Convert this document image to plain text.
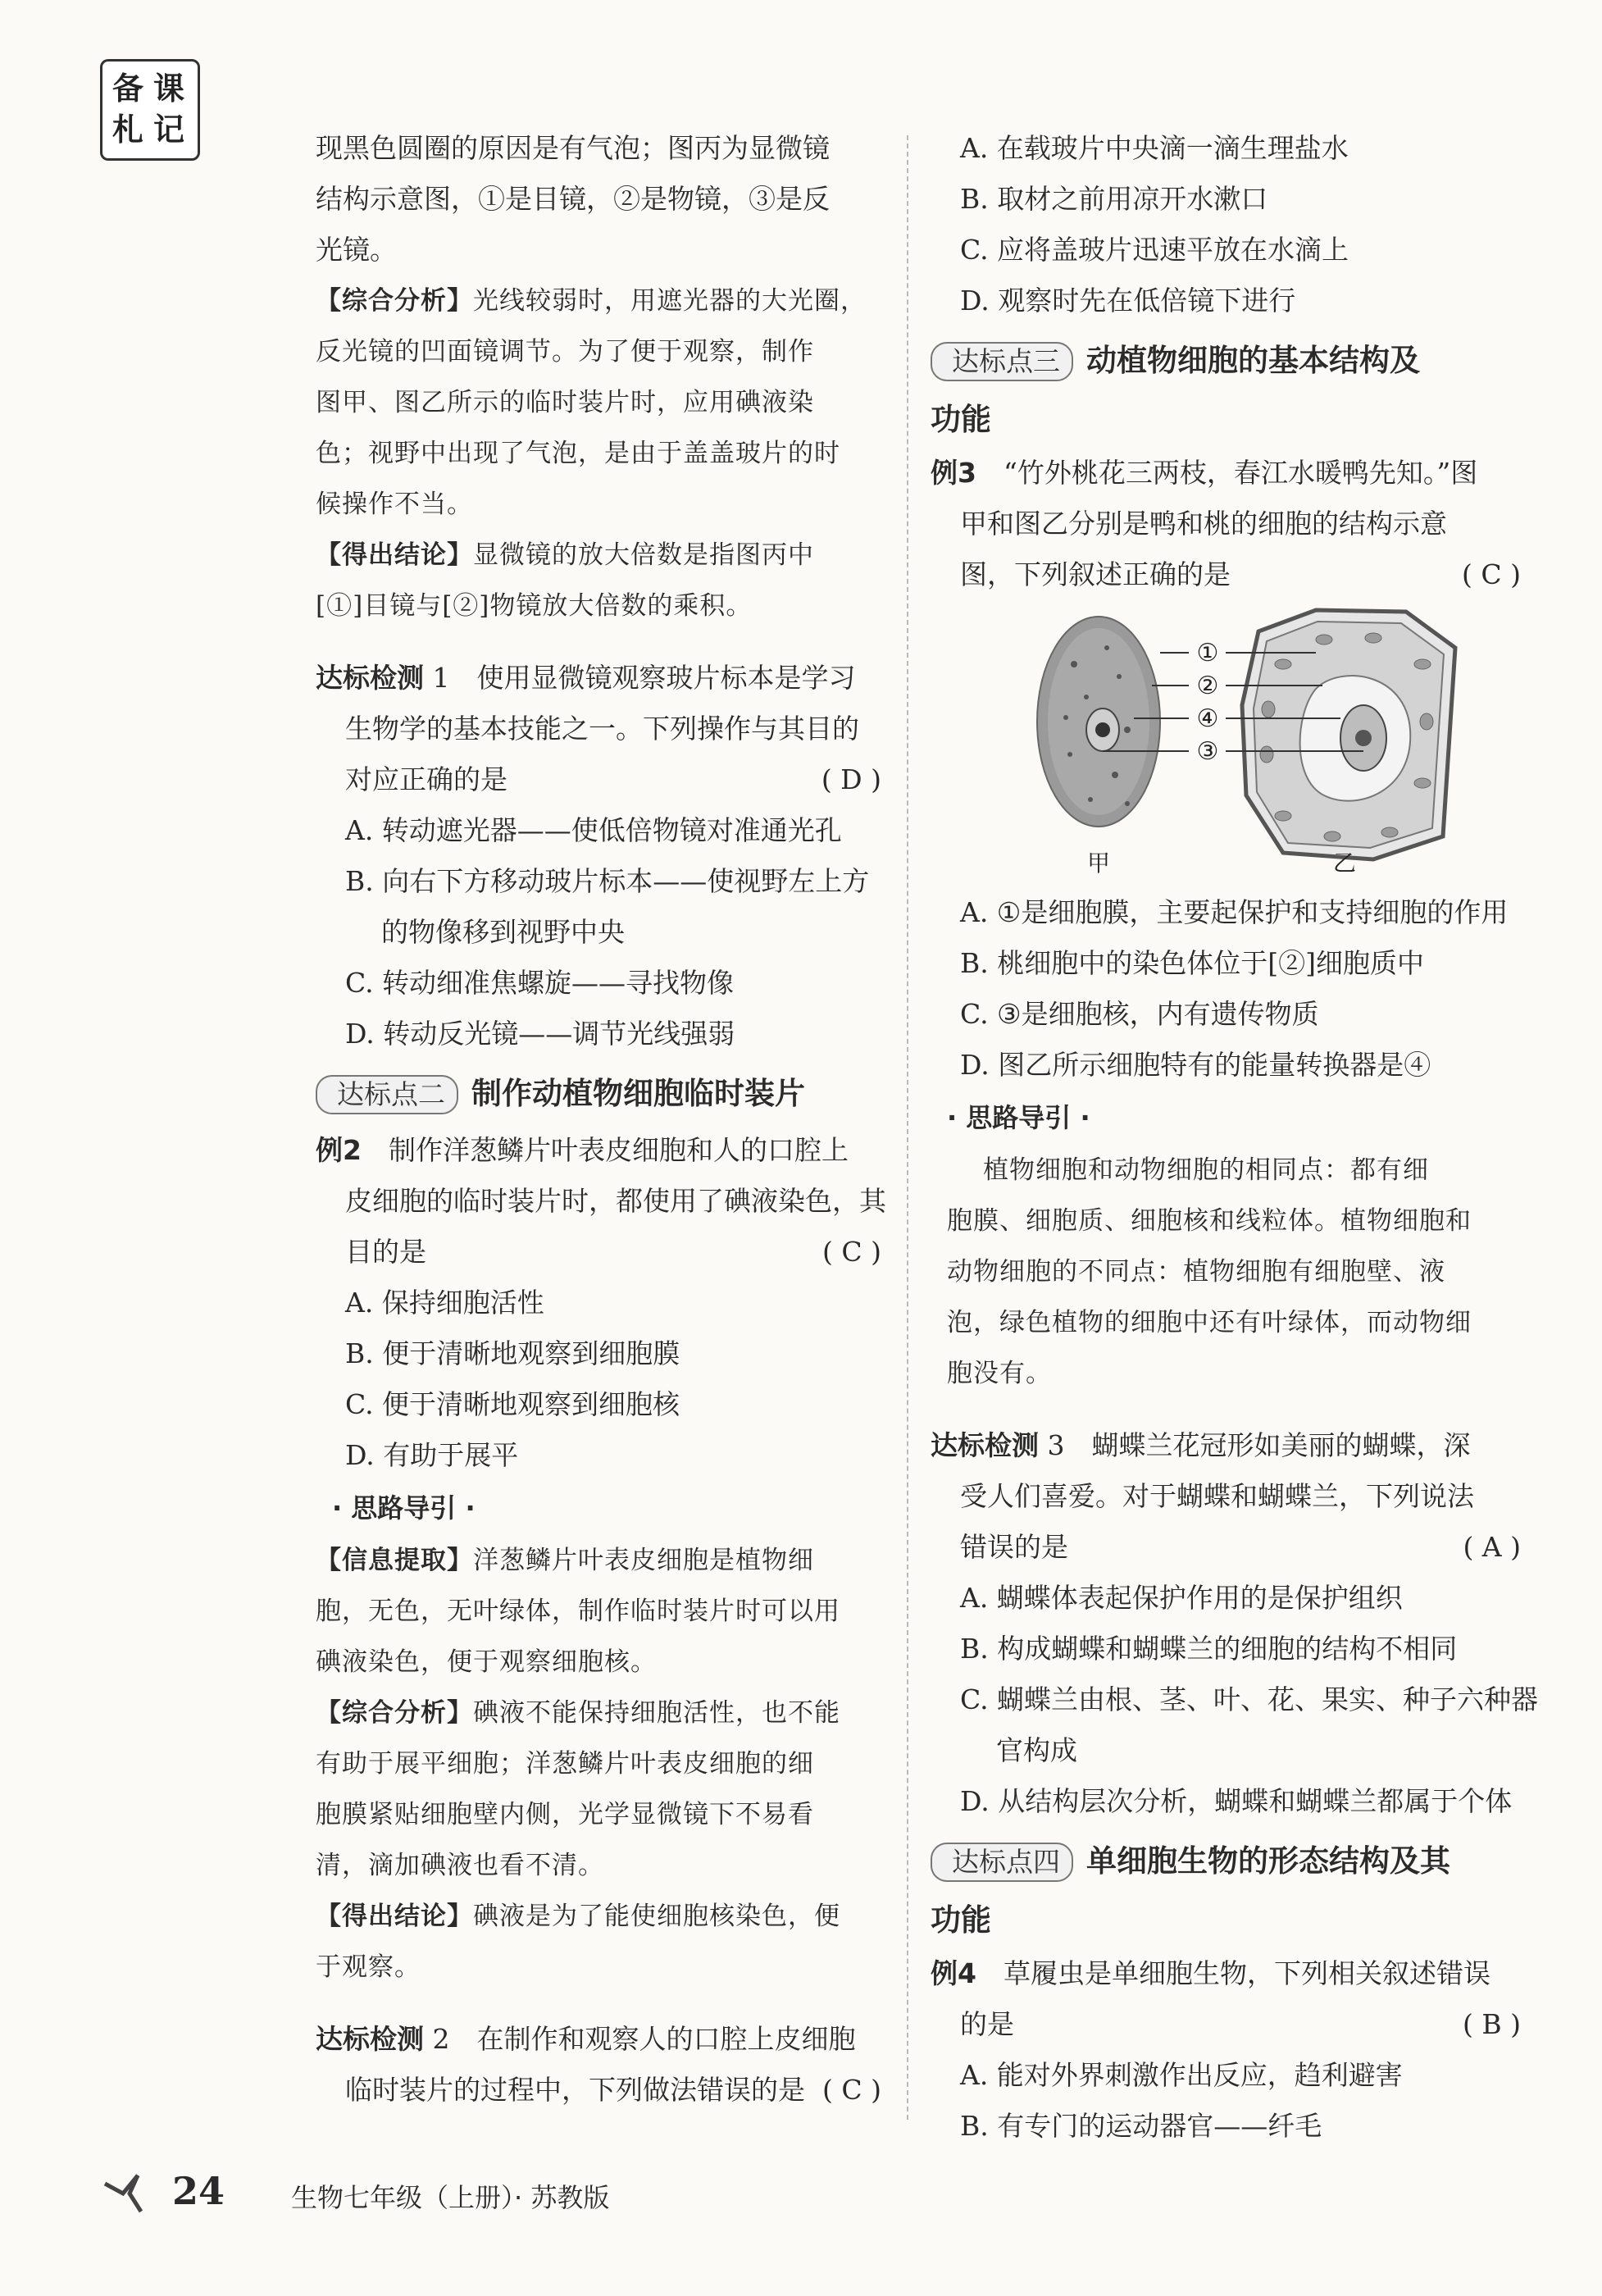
备 课
札 记

现黑色圆圈的原因是有气泡；图丙为显微镜

结构示意图，①是目镜，②是物镜，③是反

光镜。

【综合分析】光线较弱时，用遮光器的大光圈，

反光镜的凹面镜调节。为了便于观察，制作

图甲、图乙所示的临时装片时，应用碘液染

色；视野中出现了气泡，是由于盖盖玻片的时

候操作不当。

【得出结论】显微镜的放大倍数是指图丙中

[①]目镜与[②]物镜放大倍数的乘积。

达标检测 1　 使用显微镜观察玻片标本是学习

生物学的基本技能之一。下列操作与其目的

对应正确的是	( D )

A. 转动遮光器——使低倍物镜对准通光孔

B. 向右下方移动玻片标本——使视野左上方

的物像移到视野中央

C. 转动细准焦螺旋——寻找物像

D. 转动反光镜——调节光线强弱

达标点二 制作动植物细胞临时装片

例2　 制作洋葱鳞片叶表皮细胞和人的口腔上

皮细胞的临时装片时，都使用了碘液染色，其

目的是	( C )

A. 保持细胞活性

B. 便于清晰地观察到细胞膜

C. 便于清晰地观察到细胞核

D. 有助于展平

· 思路导引 ·

【信息提取】洋葱鳞片叶表皮细胞是植物细

胞，无色，无叶绿体，制作临时装片时可以用

碘液染色，便于观察细胞核。

【综合分析】碘液不能保持细胞活性，也不能

有助于展平细胞；洋葱鳞片叶表皮细胞的细

胞膜紧贴细胞壁内侧，光学显微镜下不易看

清，滴加碘液也看不清。

【得出结论】碘液是为了能使细胞核染色，便

于观察。

达标检测 2　 在制作和观察人的口腔上皮细胞

临时装片的过程中，下列做法错误的是 ( C )

A. 在载玻片中央滴一滴生理盐水

B. 取材之前用凉开水漱口

C. 应将盖玻片迅速平放在水滴上

D. 观察时先在低倍镜下进行

达标点三 动植物细胞的基本结构及

功能

例3　 “竹外桃花三两枝，春江水暖鸭先知。”图

甲和图乙分别是鸭和桃的细胞的结构示意

图，下列叙述正确的是	( C )

①
②
④
③
甲	乙

A. ①是细胞膜，主要起保护和支持细胞的作用

B. 桃细胞中的染色体位于[②]细胞质中

C. ③是细胞核，内有遗传物质

D. 图乙所示细胞特有的能量转换器是④

· 思路导引 ·

植物细胞和动物细胞的相同点：都有细

胞膜、细胞质、细胞核和线粒体。植物细胞和

动物细胞的不同点：植物细胞有细胞壁、液

泡，绿色植物的细胞中还有叶绿体，而动物细

胞没有。

达标检测 3　 蝴蝶兰花冠形如美丽的蝴蝶，深

受人们喜爱。对于蝴蝶和蝴蝶兰，下列说法

错误的是	( A )

A. 蝴蝶体表起保护作用的是保护组织

B. 构成蝴蝶和蝴蝶兰的细胞的结构不相同

C. 蝴蝶兰由根、茎、叶、花、果实、种子六种器

官构成

D. 从结构层次分析，蝴蝶和蝴蝶兰都属于个体

达标点四 单细胞生物的形态结构及其

功能

例4　 草履虫是单细胞生物，下列相关叙述错误

的是	( B )

A. 能对外界刺激作出反应，趋利避害

B. 有专门的运动器官——纤毛

24	生物七年级（上册）· 苏教版
